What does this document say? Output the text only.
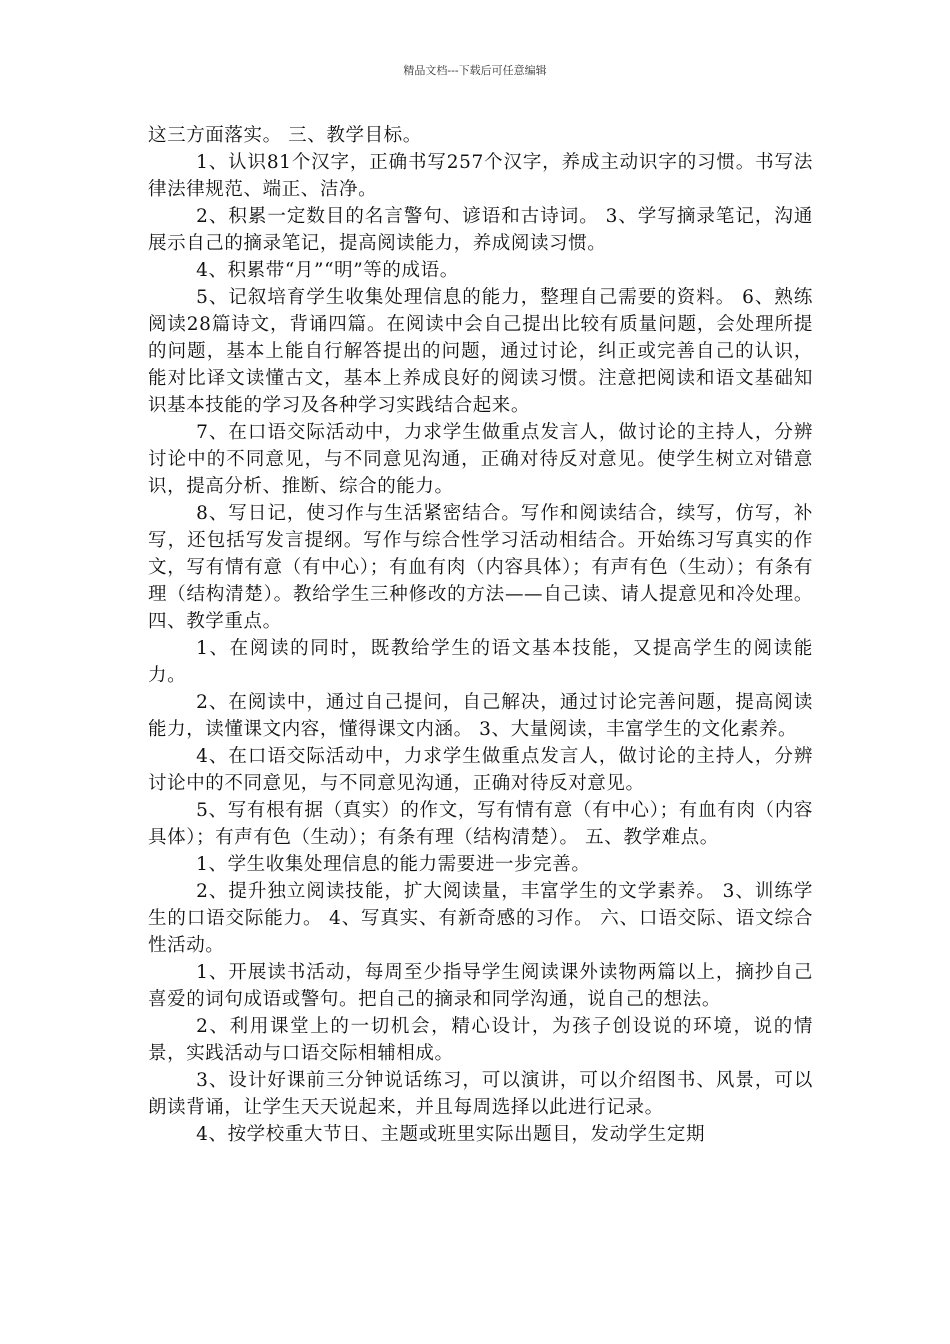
精品文档---下载后可任意编辑

这三方面落实。 三、教学目标。

1、认识81个汉字，正确书写257个汉字，养成主动识字的习惯。书写法律法律规范、端正、洁净。

2、积累一定数目的名言警句、谚语和古诗词。 3、学写摘录笔记，沟通展示自己的摘录笔记，提高阅读能力，养成阅读习惯。

4、积累带“月”“明”等的成语。

5、记叙培育学生收集处理信息的能力，整理自己需要的资料。 6、熟练阅读28篇诗文，背诵四篇。在阅读中会自己提出比较有质量问题，会处理所提的问题，基本上能自行解答提出的问题，通过讨论，纠正或完善自己的认识，能对比译文读懂古文，基本上养成良好的阅读习惯。注意把阅读和语文基础知识基本技能的学习及各种学习实践结合起来。

7、在口语交际活动中，力求学生做重点发言人，做讨论的主持人，分辨讨论中的不同意见，与不同意见沟通，正确对待反对意见。使学生树立对错意识，提高分析、推断、综合的能力。

8、写日记，使习作与生活紧密结合。写作和阅读结合，续写，仿写，补写，还包括写发言提纲。写作与综合性学习活动相结合。开始练习写真实的作文，写有情有意（有中心）；有血有肉（内容具体）；有声有色（生动）；有条有理（结构清楚）。教给学生三种修改的方法——自己读、请人提意见和冷处理。 四、教学重点。

1、在阅读的同时，既教给学生的语文基本技能，又提高学生的阅读能力。

2、在阅读中，通过自己提问，自己解决，通过讨论完善问题，提高阅读能力，读懂课文内容，懂得课文内涵。 3、大量阅读，丰富学生的文化素养。

4、在口语交际活动中，力求学生做重点发言人，做讨论的主持人，分辨讨论中的不同意见，与不同意见沟通，正确对待反对意见。

5、写有根有据（真实）的作文，写有情有意（有中心）；有血有肉（内容具体）；有声有色（生动）；有条有理（结构清楚）。 五、教学难点。

1、学生收集处理信息的能力需要进一步完善。

2、提升独立阅读技能，扩大阅读量，丰富学生的文学素养。 3、训练学生的口语交际能力。 4、写真实、有新奇感的习作。 六、口语交际、语文综合性活动。

1、开展读书活动，每周至少指导学生阅读课外读物两篇以上，摘抄自己喜爱的词句成语或警句。把自己的摘录和同学沟通，说自己的想法。

2、利用课堂上的一切机会，精心设计，为孩子创设说的环境，说的情景，实践活动与口语交际相辅相成。

3、设计好课前三分钟说话练习，可以演讲，可以介绍图书、风景，可以朗读背诵，让学生天天说起来，并且每周选择以此进行记录。

4、按学校重大节日、主题或班里实际出题目，发动学生定期
